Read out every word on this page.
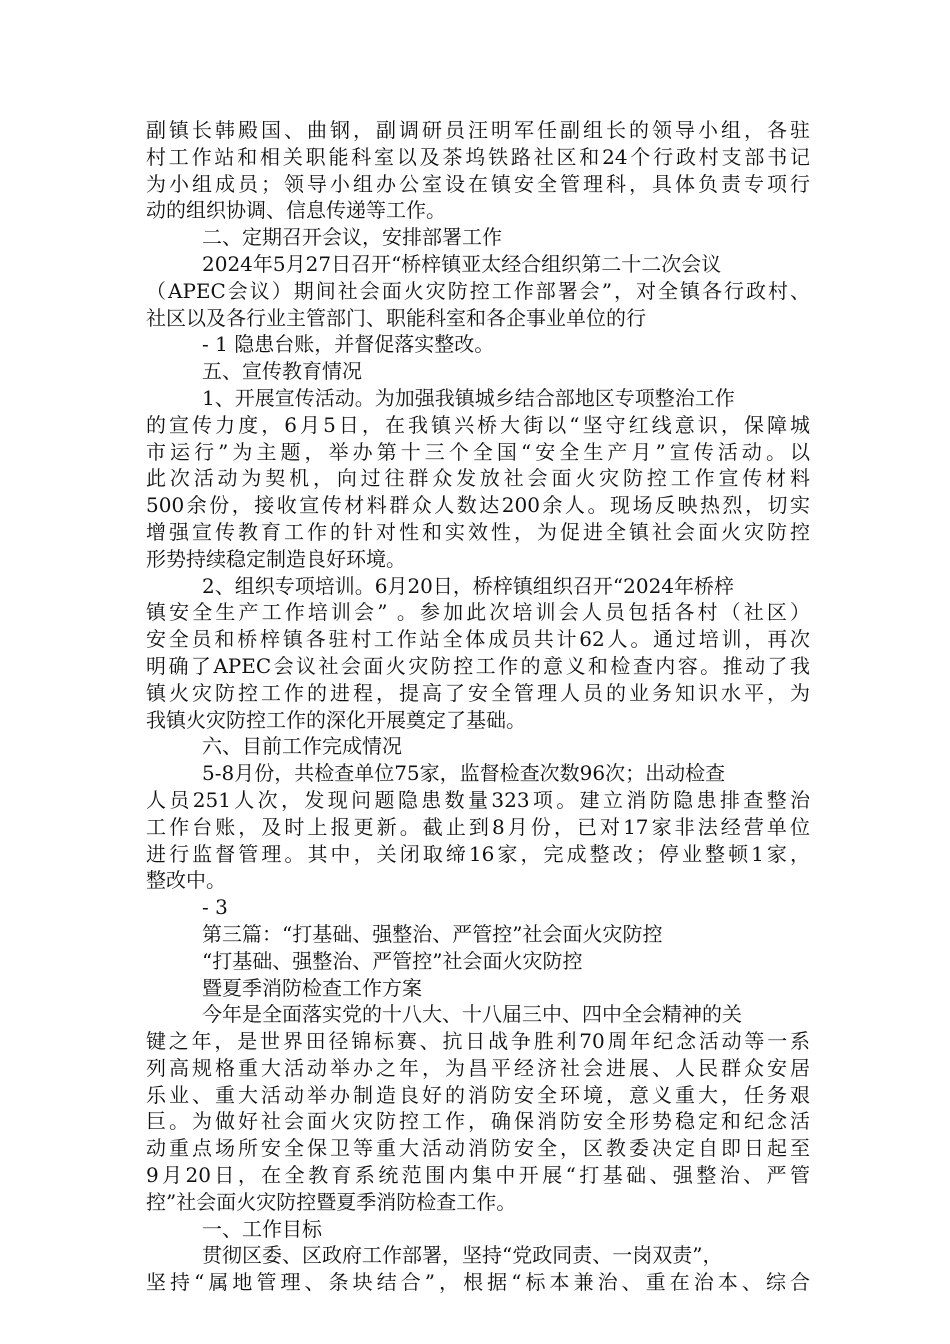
副镇长韩殿国、曲钢，副调研员汪明军任副组长的领导小组，各驻
村工作站和相关职能科室以及茶坞铁路社区和24个行政村支部书记
为小组成员；领导小组办公室设在镇安全管理科，具体负责专项行
动的组织协调、信息传递等工作。
二、定期召开会议，安排部署工作
2024年5月27日召开“桥梓镇亚太经合组织第二十二次会议
（APEC会议）期间社会面火灾防控工作部署会”，对全镇各行政村、
社区以及各行业主管部门、职能科室和各企事业单位的行
- 1 隐患台账，并督促落实整改。
五、宣传教育情况
1、开展宣传活动。为加强我镇城乡结合部地区专项整治工作
的宣传力度，6月5日，在我镇兴桥大街以“坚守红线意识，保障城
市运行”为主题，举办第十三个全国“安全生产月”宣传活动。以
此次活动为契机，向过往群众发放社会面火灾防控工作宣传材料
500余份，接收宣传材料群众人数达200余人。现场反映热烈，切实
增强宣传教育工作的针对性和实效性，为促进全镇社会面火灾防控
形势持续稳定制造良好环境。
2、组织专项培训。6月20日，桥梓镇组织召开“2024年桥梓
镇安全生产工作培训会” 。参加此次培训会人员包括各村（社区）
安全员和桥梓镇各驻村工作站全体成员共计62人。通过培训，再次
明确了APEC会议社会面火灾防控工作的意义和检查内容。推动了我
镇火灾防控工作的进程，提高了安全管理人员的业务知识水平，为
我镇火灾防控工作的深化开展奠定了基础。
六、目前工作完成情况
5-8月份，共检查单位75家，监督检查次数96次；出动检查
人员251人次，发现问题隐患数量323项。建立消防隐患排查整治
工作台账，及时上报更新。截止到8月份，已对17家非法经营单位
进行监督管理。其中，关闭取缔16家，完成整改；停业整顿1家，
整改中。
- 3
第三篇：“打基础、强整治、严管控”社会面火灾防控
“打基础、强整治、严管控”社会面火灾防控
暨夏季消防检查工作方案
今年是全面落实党的十八大、十八届三中、四中全会精神的关
键之年，是世界田径锦标赛、抗日战争胜利70周年纪念活动等一系
列高规格重大活动举办之年，为昌平经济社会进展、人民群众安居
乐业、重大活动举办制造良好的消防安全环境，意义重大，任务艰
巨。为做好社会面火灾防控工作，确保消防安全形势稳定和纪念活
动重点场所安全保卫等重大活动消防安全，区教委决定自即日起至
9月20日，在全教育系统范围内集中开展“打基础、强整治、严管
控”社会面火灾防控暨夏季消防检查工作。
一、工作目标
贯彻区委、区政府工作部署，坚持“党政同责、一岗双责”，
坚持“属地管理、条块结合”，根据“标本兼治、重在治本、综合
